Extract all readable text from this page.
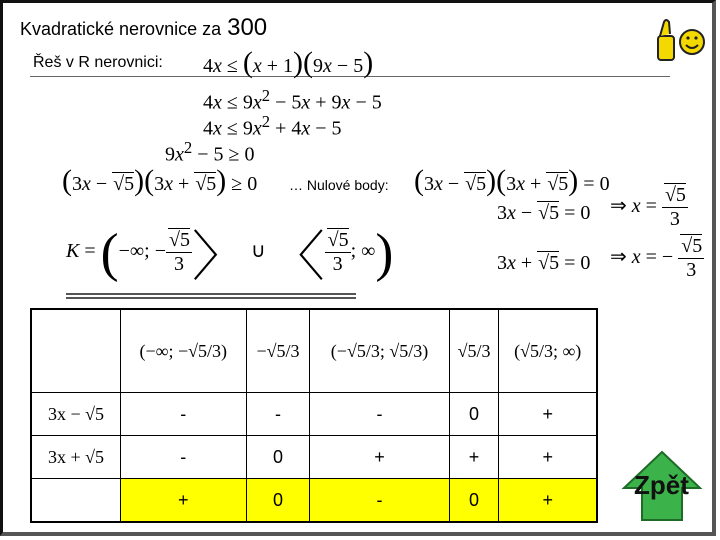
Kvadratické nerovnice za 300
Řeš v R nerovnici: 4x ≤ (x + 1)(9x − 5)
$4x \le 9x^2 - 5x + 9x - 5$
$4x \le 9x^2 + 4x - 5$
$9x^2 - 5 \ge 0$
(3x − √5)(3x + √5) ≥ 0 … Nulové body: (3x − √5)(3x + √5) = 0
3x − √5 = 0 ⇒ $x = \frac{√5}{3}$
3x + √5 = 0 ⇒ x = − $\frac{√5}{3}$
K = (−∞; − $\frac{√5}{3}$ 〉 ∪ 〈 $\frac{√5}{3}$ ; ∞)
	(−∞; −√5/3)	−√5/3	(−√5/3; √5/3)	√5/3	(√5/3; ∞)
3x − √5	-	-	-	0	+
3x + √5	-	0	+	+	+
	+	0	-	0	+	Zpět
